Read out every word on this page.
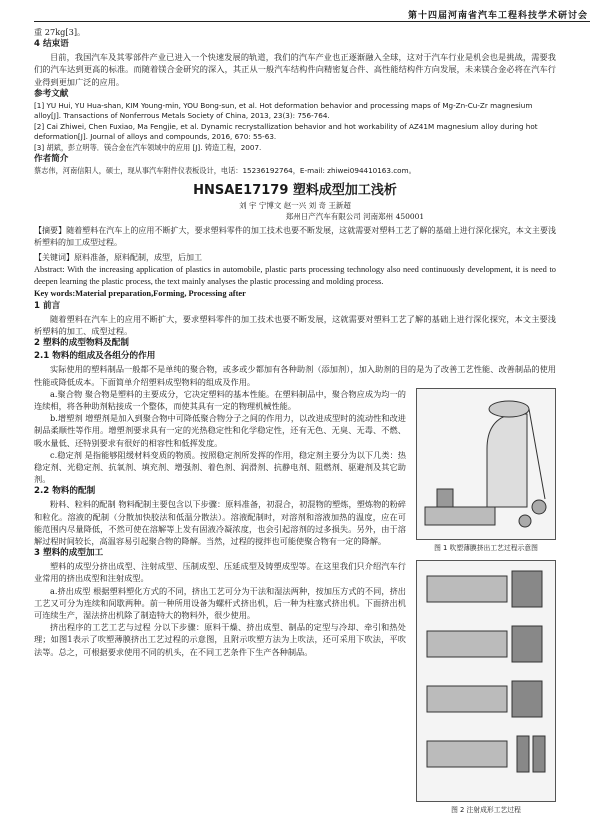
第十四届河南省汽车工程科技学术研讨会

重 27kg[3]。

4 结束语

目前，我国汽车及其零部件产业已进入一个快速发展的轨道，我们的汽车产业也正逐渐融入全球，这对于汽车行业是机会也是挑战，需要我们的汽车达到更高的标准。而随着镁合金研究的深入，其正从一般汽车结构件向精密复合件、高性能结构件方向发展，未来镁合金必将在汽车行业得到更加广泛的应用。

参考文献

[1] YU Hui, YU Hua-shan, KIM Young-min, YOU Bong-sun, et al. Hot deformation behavior and processing maps of Mg-Zn-Cu-Zr magnesium alloy[J]. Transactions of Nonferrous Metals Society of China, 2013, 23(3): 756-764.

[2] Cai Zhiwei, Chen Fuxiao, Ma Fengjie, et al. Dynamic recrystallization behavior and hot workability of AZ41M magnesium alloy during hot deformation[J]. Journal of alloys and compounds, 2016, 670: 55-63.

[3] 胡斌，彭立明等．镁合金在汽车领域中的应用 [J]. 铸造工程，2007.

作者简介

蔡志伟，河南信阳人，硕士，现从事汽车附件仪表板设计，电话：15236192764，E-mail: zhiwei094410163.com。

HNSAE17179 塑料成型加工浅析

刘 宇 宁博文 赵一兴 刘 奇 王新超

郑州日产汽车有限公司 河南郑州 450001

【摘要】随着塑料在汽车上的应用不断扩大，要求塑料零件的加工技术也要不断发展，这就需要对塑料工艺了解的基础上进行深化探究，本文主要浅析塑料的加工成型过程。

【关键词】原料准备，原料配制，成型，后加工

Abstract: With the increasing application of plastics in automobile, plastic parts processing technology also need continuously development, it is need to deepen learning the plastic process, the text mainly analyses the plastic processing and molding process.

Key words:Material preparation,Forming, Processing after

1 前言

随着塑料在汽车上的应用不断扩大，要求塑料零件的加工技术也要不断发展，这就需要对塑料工艺了解的基础上进行深化探究，本文主要浅析塑料的加工、成型过程。

2 塑料的成型物料及配制

2.1 物料的组成及各组分的作用

实际使用的塑料制品一般都不是单纯的聚合物，或多或少都加有各种助剂（添加剂），加入助剂的目的是为了改善工艺性能、改善制品的使用性能或降低成本。下面简单介绍塑料成型物料的组成及作用。

a.聚合物 聚合物是塑料的主要成分，它决定塑料的基本性能。在塑料制品中，聚合物应成为均一的连续相，将各种助剂粘接成一个整体，而使其具有一定的物理机械性能。

b.增塑剂 增塑剂是加入到聚合物中可降低聚合物分子之间的作用力，以改进成型时的流动性和改进制品柔顺性等作用。增塑剂要求具有一定的光热稳定性和化学稳定性，还有无色、无臭、无毒、不燃、吸水量低、还特别要求有很好的相容性和低挥发度。

c.稳定剂 是指能够阻缓材料变质的物质。按照稳定剂所发挥的作用，稳定剂主要分为以下几类：热稳定剂、光稳定剂、抗氧剂、填充剂、增强剂、着色剂、润滑剂、抗静电剂、阻燃剂、驱避剂及其它助剂。

2.2 物料的配制

粉料、粒料的配制 物料配制主要包含以下步骤：原料准备，初混合，初混物的塑炼，塑炼物的粉碎和粒化。溶液的配制（分散加快胶法和低温分散法）。溶液配制时，对溶剂和溶液加热的温度，应在可能范围内尽量降低，不然可使在溶解等上发有固液冷凝浓度，也会引起溶剂的过多损失。另外，由于溶解过程时间较长，高温容易引起聚合物的降解。当然，过程的搅拌也可能使聚合物有一定的降解。

3 塑料的成型加工

塑料的成型分挤出成型、注射成型、压制成型、压延成型及铸塑成型等。在这里我们只介绍汽车行业常用的挤出成型和注射成型。

a.挤出成型 根据塑料塑化方式的不同，挤出工艺可分为干法和湿法两种，按加压方式的不同，挤出工艺又可分为连续和间歇两种。前一种所用设备为螺杆式挤出机，后一种为柱塞式挤出机。下面挤出机可连续生产，湿法挤出机除了制造特大的物料外，很少使用。

挤出程序的工艺工艺与过程 分以下步骤：原料干燥、挤出成型、制品的定型与冷却、牵引和热处理；如图1表示了吹塑薄膜挤出工艺过程的示意图，且附示吹塑方法为上吹法，还可采用下吹法，平吹法等。总之，可根据要求使用不同的机头，在不同工艺条件下生产各种制品。

图 1 吹塑薄膜挤出工艺过程示意图

图 2 注射成形工艺过程
